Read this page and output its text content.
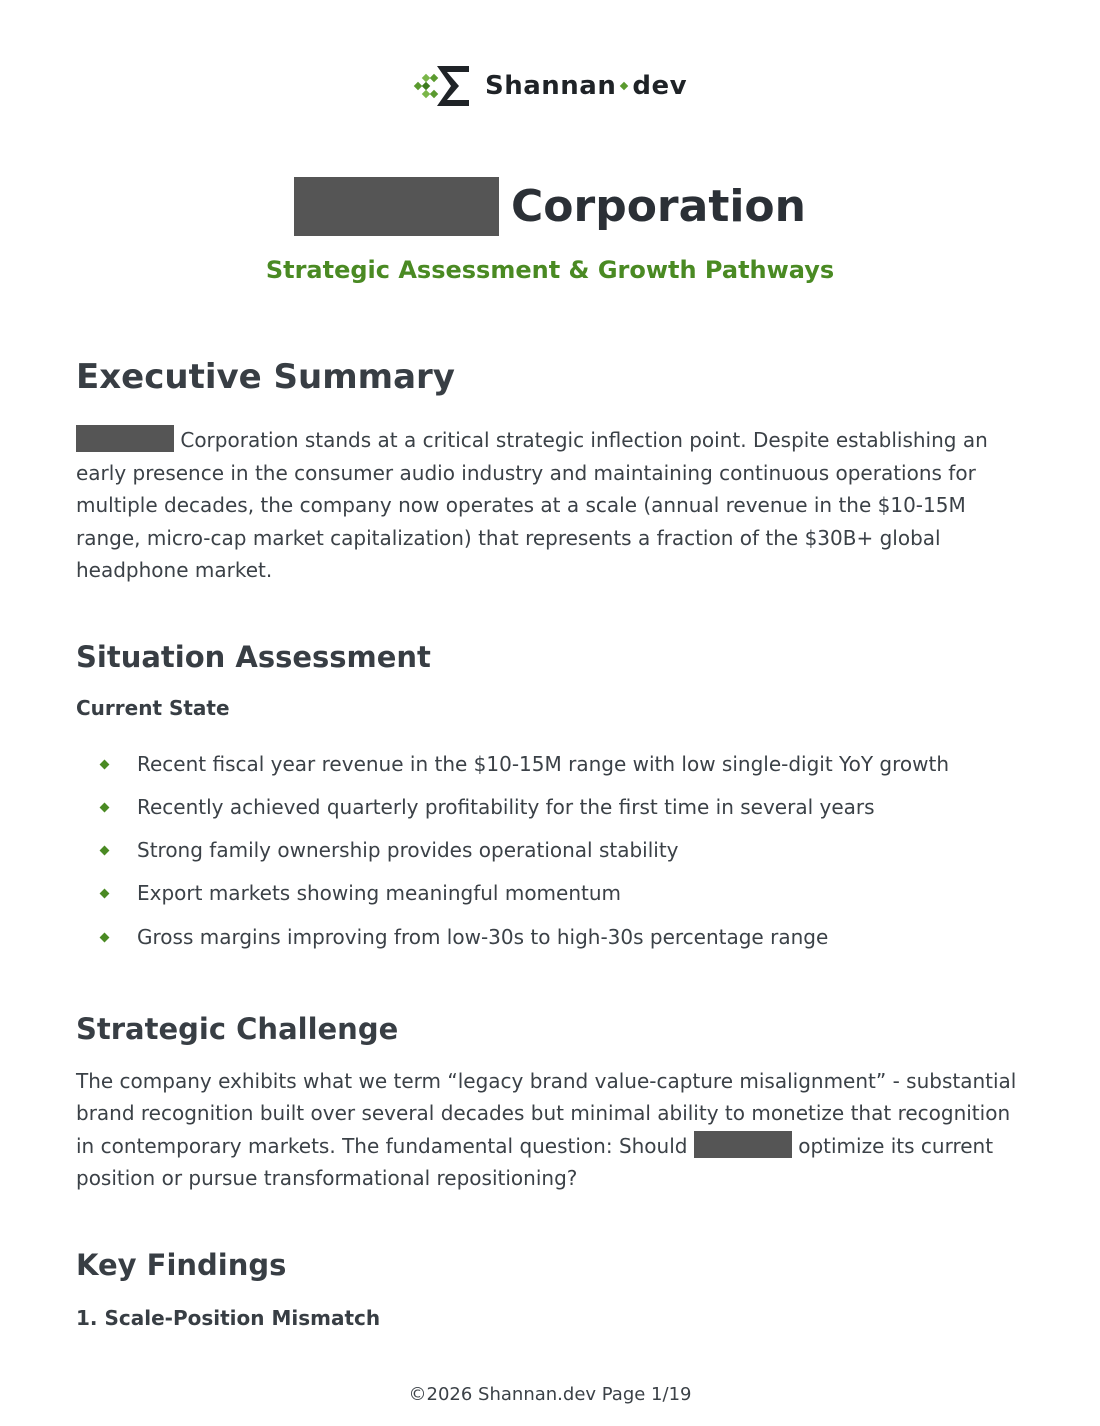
Shannan dev
Corporation
Strategic Assessment & Growth Pathways
Executive Summary

Corporation stands at a critical strategic inflection point. Despite establishing an early presence in the consumer audio industry and maintaining continuous operations for multiple decades, the company now operates at a scale (annual revenue in the $10-15M range, micro-cap market capitalization) that represents a fraction of the $30B+ global headphone market.

Situation Assessment
Current State
Recent fiscal year revenue in the $10-15M range with low single-digit YoY growth
Recently achieved quarterly profitability for the first time in several years
Strong family ownership provides operational stability
Export markets showing meaningful momentum
Gross margins improving from low-30s to high-30s percentage range
Strategic Challenge

The company exhibits what we term “legacy brand value-capture misalignment” - substantial brand recognition built over several decades but minimal ability to monetize that recognition in contemporary markets. The fundamental question: Should	optimize its current position or pursue transformational repositioning?

Key Findings
1. Scale-Position Mismatch
©2026 Shannan.dev Page 1/19
